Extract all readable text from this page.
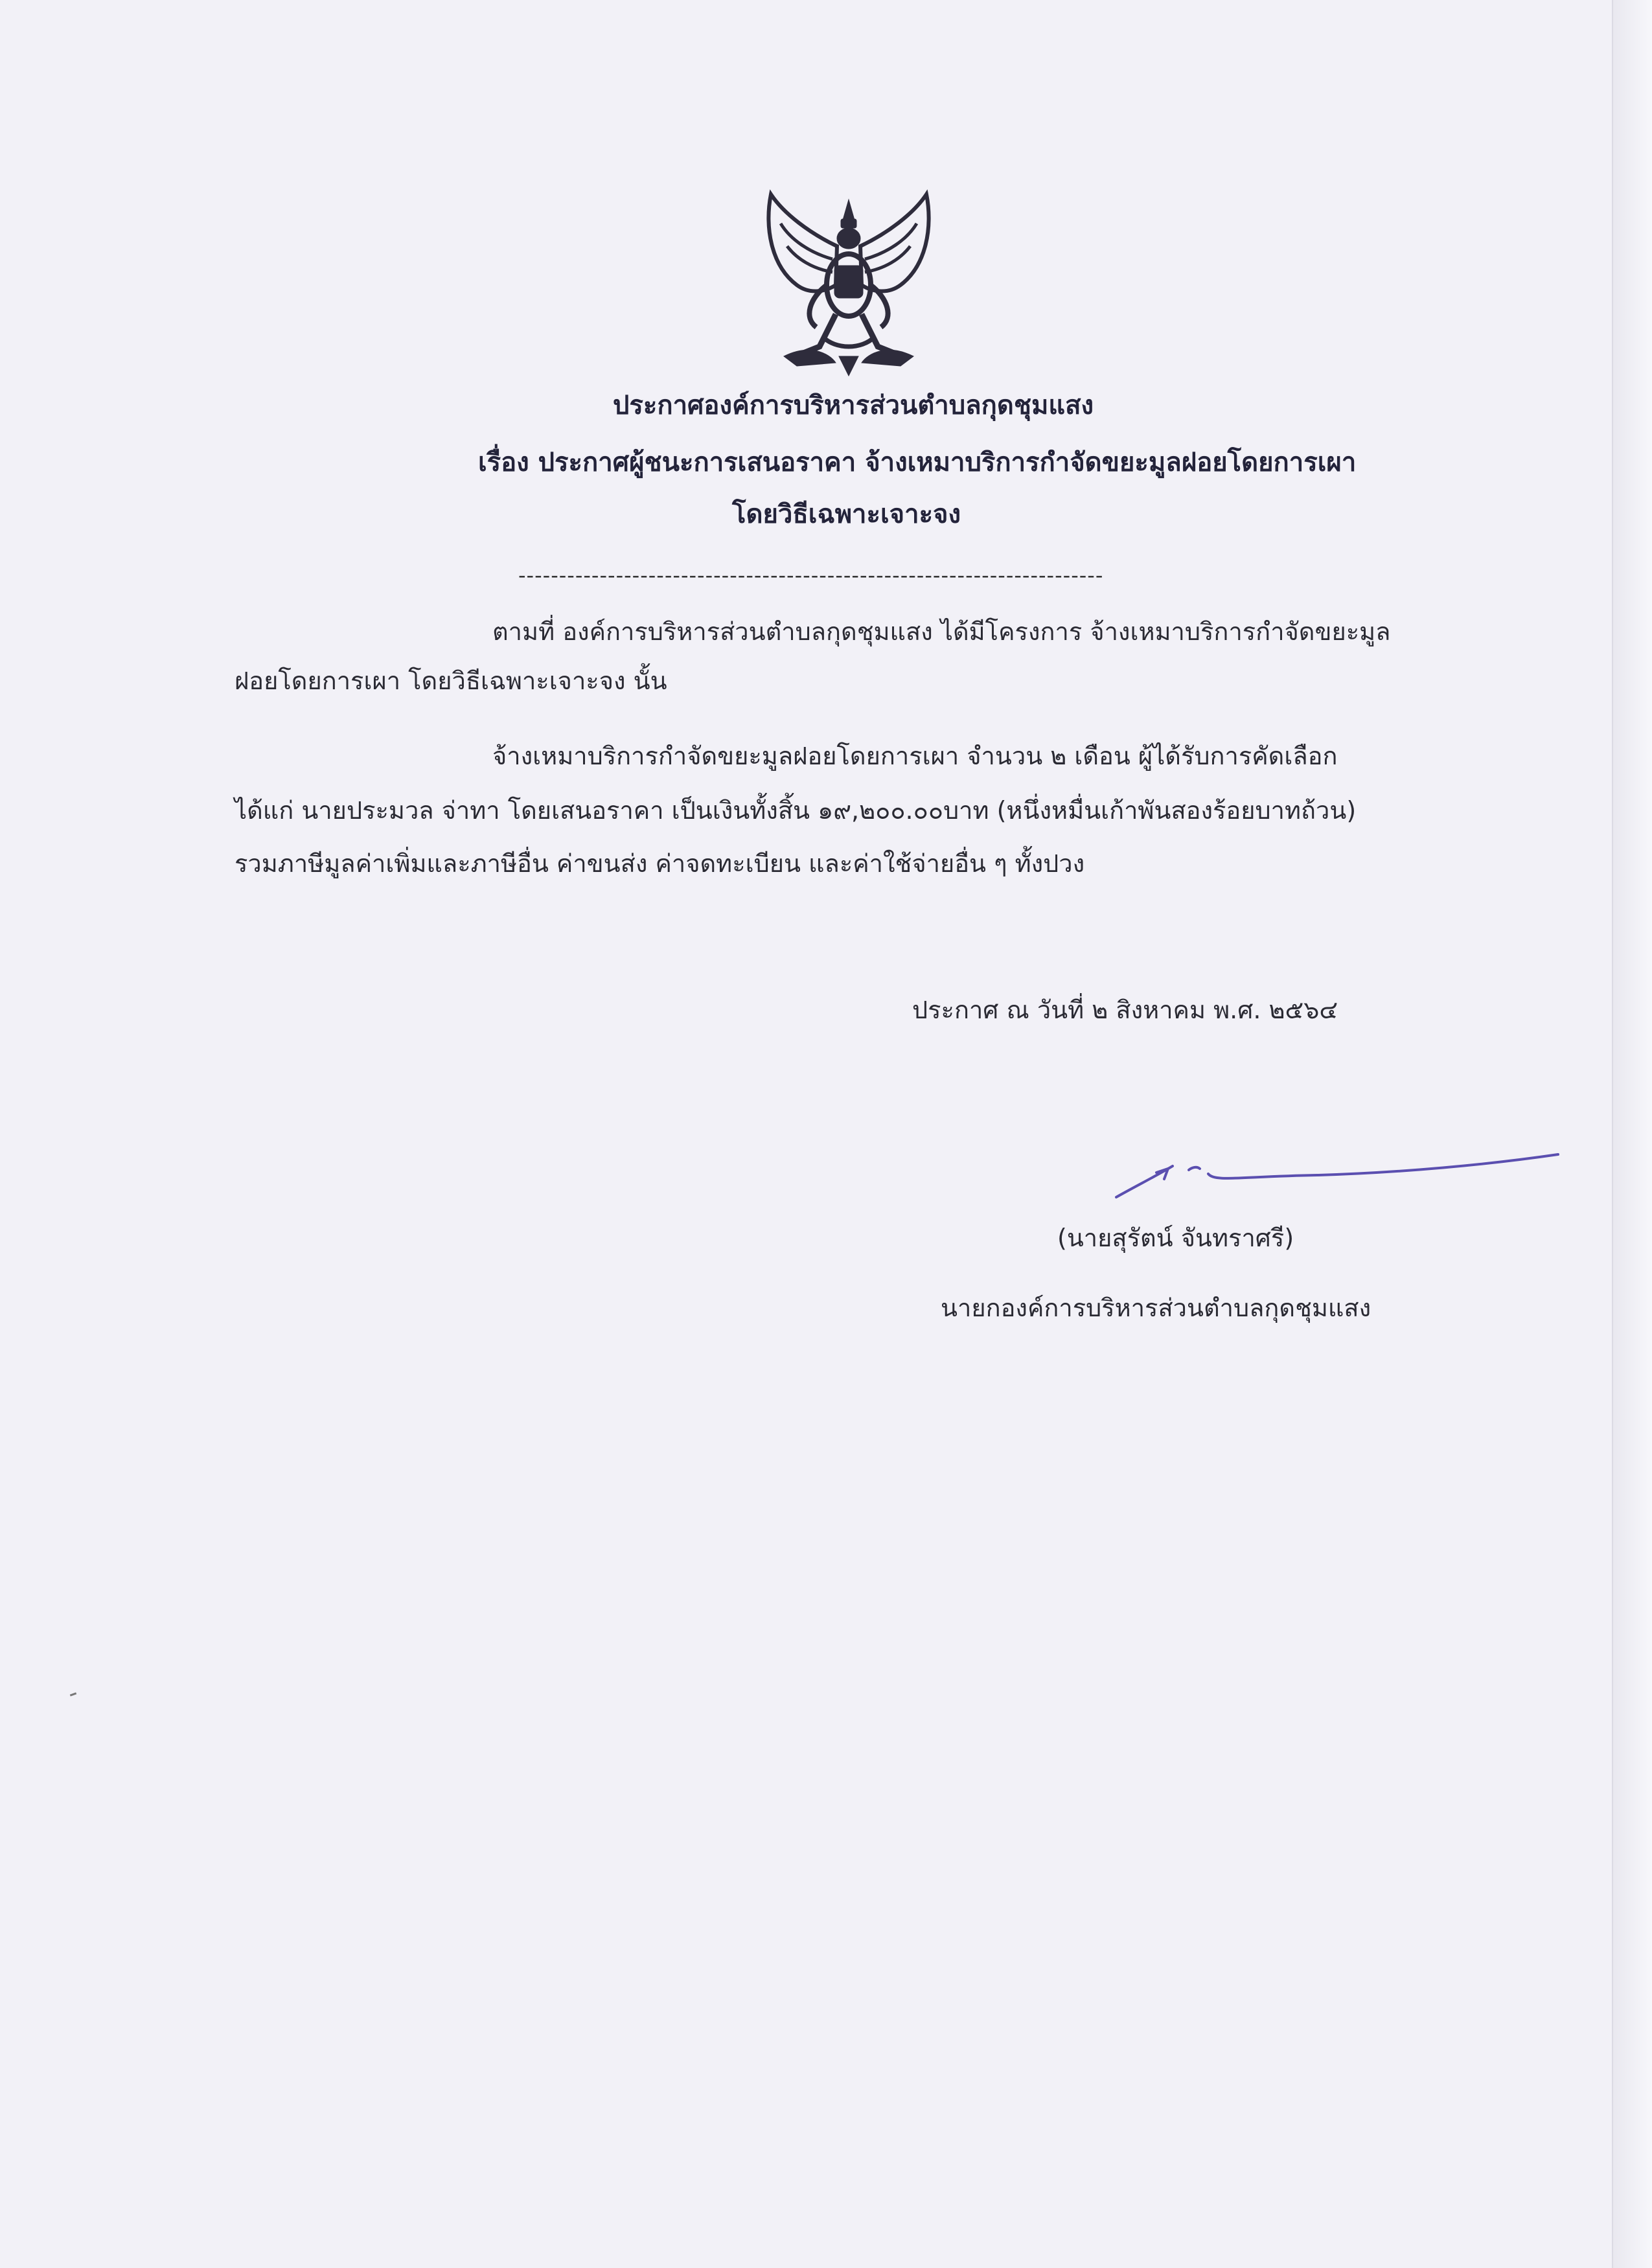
ประกาศองค์การบริหารส่วนตำบลกุดชุมแสง
เรื่อง ประกาศผู้ชนะการเสนอราคา จ้างเหมาบริการกำจัดขยะมูลฝอยโดยการเผา
โดยวิธีเฉพาะเจาะจง
------------------------------------------------------------------------
ตามที่ องค์การบริหารส่วนตำบลกุดชุมแสง ได้มีโครงการ จ้างเหมาบริการกำจัดขยะมูล
ฝอยโดยการเผา โดยวิธีเฉพาะเจาะจง นั้น
จ้างเหมาบริการกำจัดขยะมูลฝอยโดยการเผา จำนวน ๒ เดือน ผู้ได้รับการคัดเลือก
ได้แก่ นายประมวล จ่าทา โดยเสนอราคา เป็นเงินทั้งสิ้น ๑๙,๒๐๐.๐๐บาท (หนึ่งหมื่นเก้าพันสองร้อยบาทถ้วน)
รวมภาษีมูลค่าเพิ่มและภาษีอื่น ค่าขนส่ง ค่าจดทะเบียน และค่าใช้จ่ายอื่น ๆ ทั้งปวง
ประกาศ ณ วันที่ ๒ สิงหาคม พ.ศ. ๒๕๖๔
(นายสุรัตน์ จันทราศรี)
นายกองค์การบริหารส่วนตำบลกุดชุมแสง
